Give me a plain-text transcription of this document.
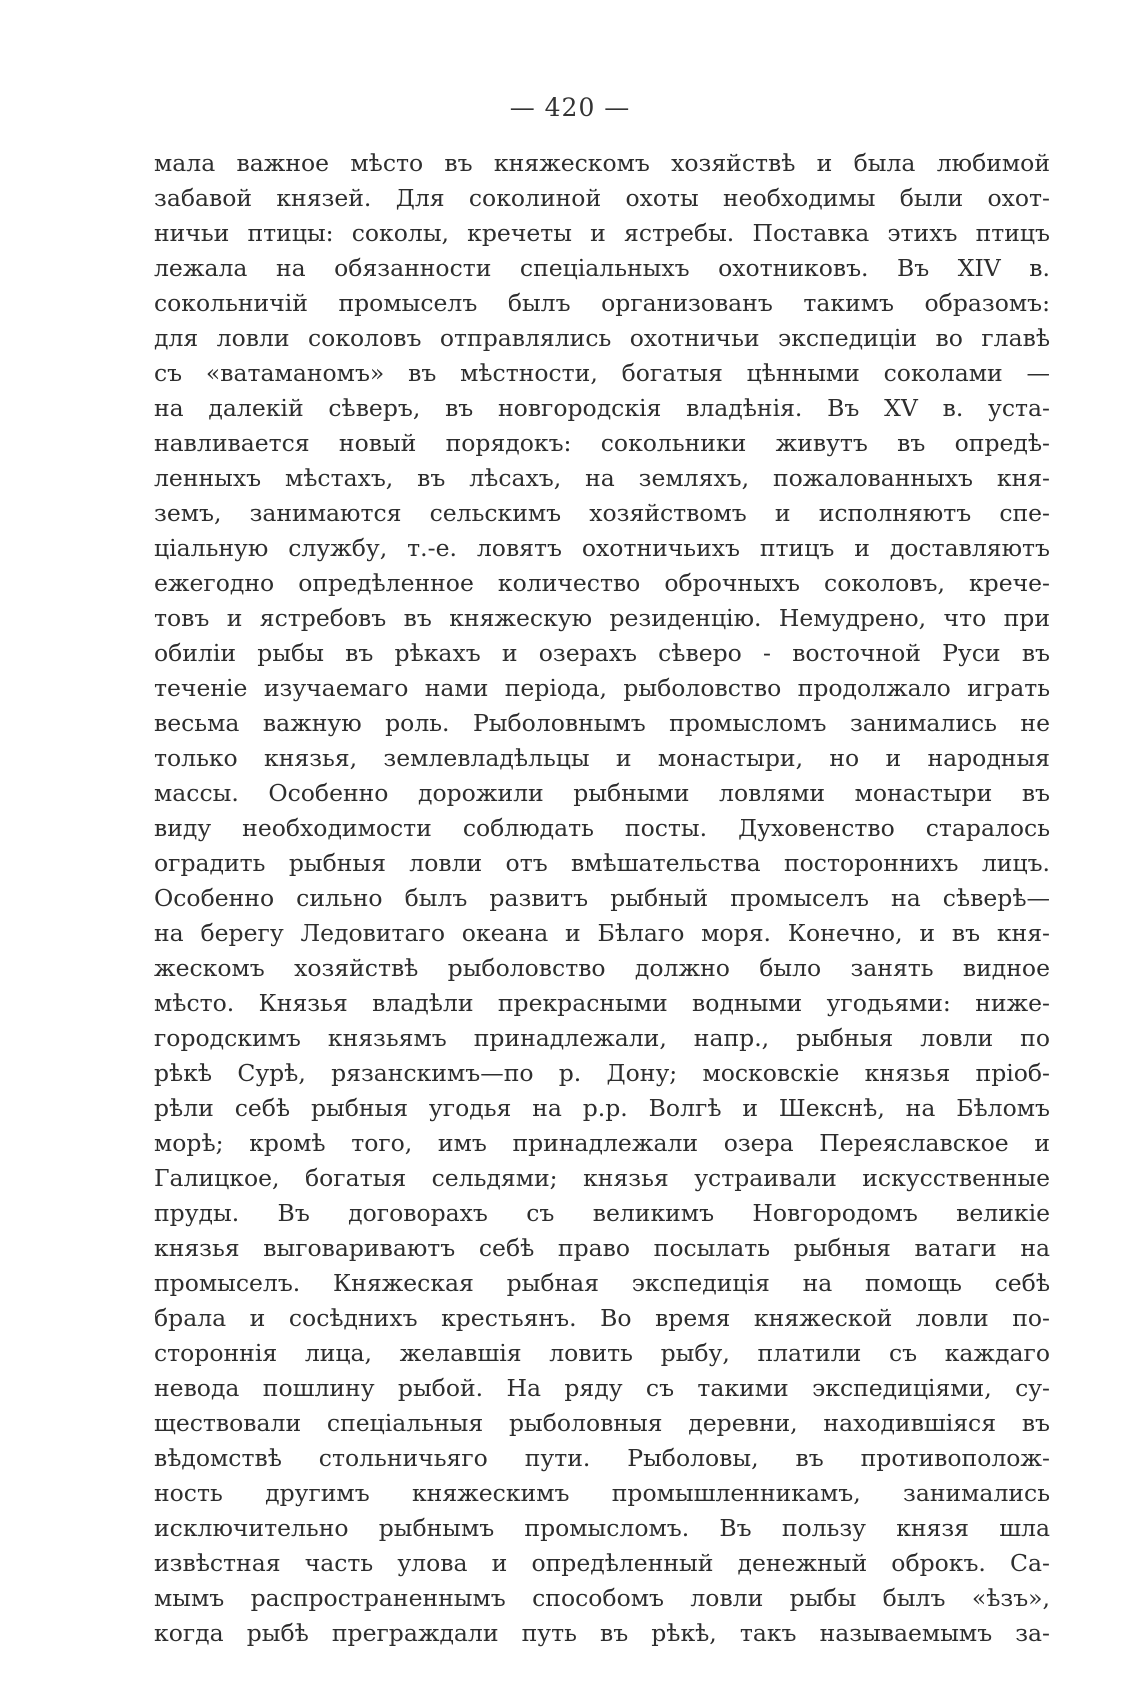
— 420 —
мала важное мѣсто въ княжескомъ хозяйствѣ и была любимой
забавой князей. Для соколиной охоты необходимы были охот-
ничьи птицы: соколы, кречеты и ястребы. Поставка этихъ птицъ
лежала на обязанности спеціальныхъ охотниковъ. Въ XIV в.
сокольничій промыселъ былъ организованъ такимъ образомъ:
для ловли соколовъ отправлялись охотничьи экспедиціи во главѣ
съ «ватаманомъ» въ мѣстности, богатыя цѣнными соколами —
на далекій сѣверъ, въ новгородскія владѣнія. Въ XV в. уста-
навливается новый порядокъ: сокольники живутъ въ опредѣ-
ленныхъ мѣстахъ, въ лѣсахъ, на земляхъ, пожалованныхъ кня-
земъ, занимаются сельскимъ хозяйствомъ и исполняютъ спе-
ціальную службу, т.-е. ловятъ охотничьихъ птицъ и доставляютъ
ежегодно опредѣленное количество оброчныхъ соколовъ, крече-
товъ и ястребовъ въ княжескую резиденцію. Немудрено, что при
обиліи рыбы въ рѣкахъ и озерахъ сѣверо - восточной Руси въ
теченіе изучаемаго нами періода, рыболовство продолжало играть
весьма важную роль. Рыболовнымъ промысломъ занимались не
только князья, землевладѣльцы и монастыри, но и народныя
массы. Особенно дорожили рыбными ловлями монастыри въ
виду необходимости соблюдать посты. Духовенство старалось
оградить рыбныя ловли отъ вмѣшательства постороннихъ лицъ.
Особенно сильно былъ развитъ рыбный промыселъ на сѣверѣ—
на берегу Ледовитаго океана и Бѣлаго моря. Конечно, и въ кня-
жескомъ хозяйствѣ рыболовство должно было занять видное
мѣсто. Князья владѣли прекрасными водными угодьями: ниже-
городскимъ князьямъ принадлежали, напр., рыбныя ловли по
рѣкѣ Сурѣ, рязанскимъ—по р. Дону; московскіе князья пріоб-
рѣли себѣ рыбныя угодья на р.р. Волгѣ и Шекснѣ, на Бѣломъ
морѣ; кромѣ того, имъ принадлежали озера Переяславское и
Галицкое, богатыя сельдями; князья устраивали искусственные
пруды. Въ договорахъ съ великимъ Новгородомъ великіе
князья выговариваютъ себѣ право посылать рыбныя ватаги на
промыселъ. Княжеская рыбная экспедиція на помощь себѣ
брала и сосѣднихъ крестьянъ. Во время княжеской ловли по-
стороннія лица, желавшія ловить рыбу, платили съ каждаго
невода пошлину рыбой. На ряду съ такими экспедиціями, су-
ществовали спеціальныя рыболовныя деревни, находившіяся въ
вѣдомствѣ стольничьяго пути. Рыболовы, въ противополож-
ность другимъ княжескимъ промышленникамъ, занимались
исключительно рыбнымъ промысломъ. Въ пользу князя шла
извѣстная часть улова и опредѣленный денежный оброкъ. Са-
мымъ распространеннымъ способомъ ловли рыбы былъ «ѣзъ»,
когда рыбѣ преграждали путь въ рѣкѣ, такъ называемымъ за-
